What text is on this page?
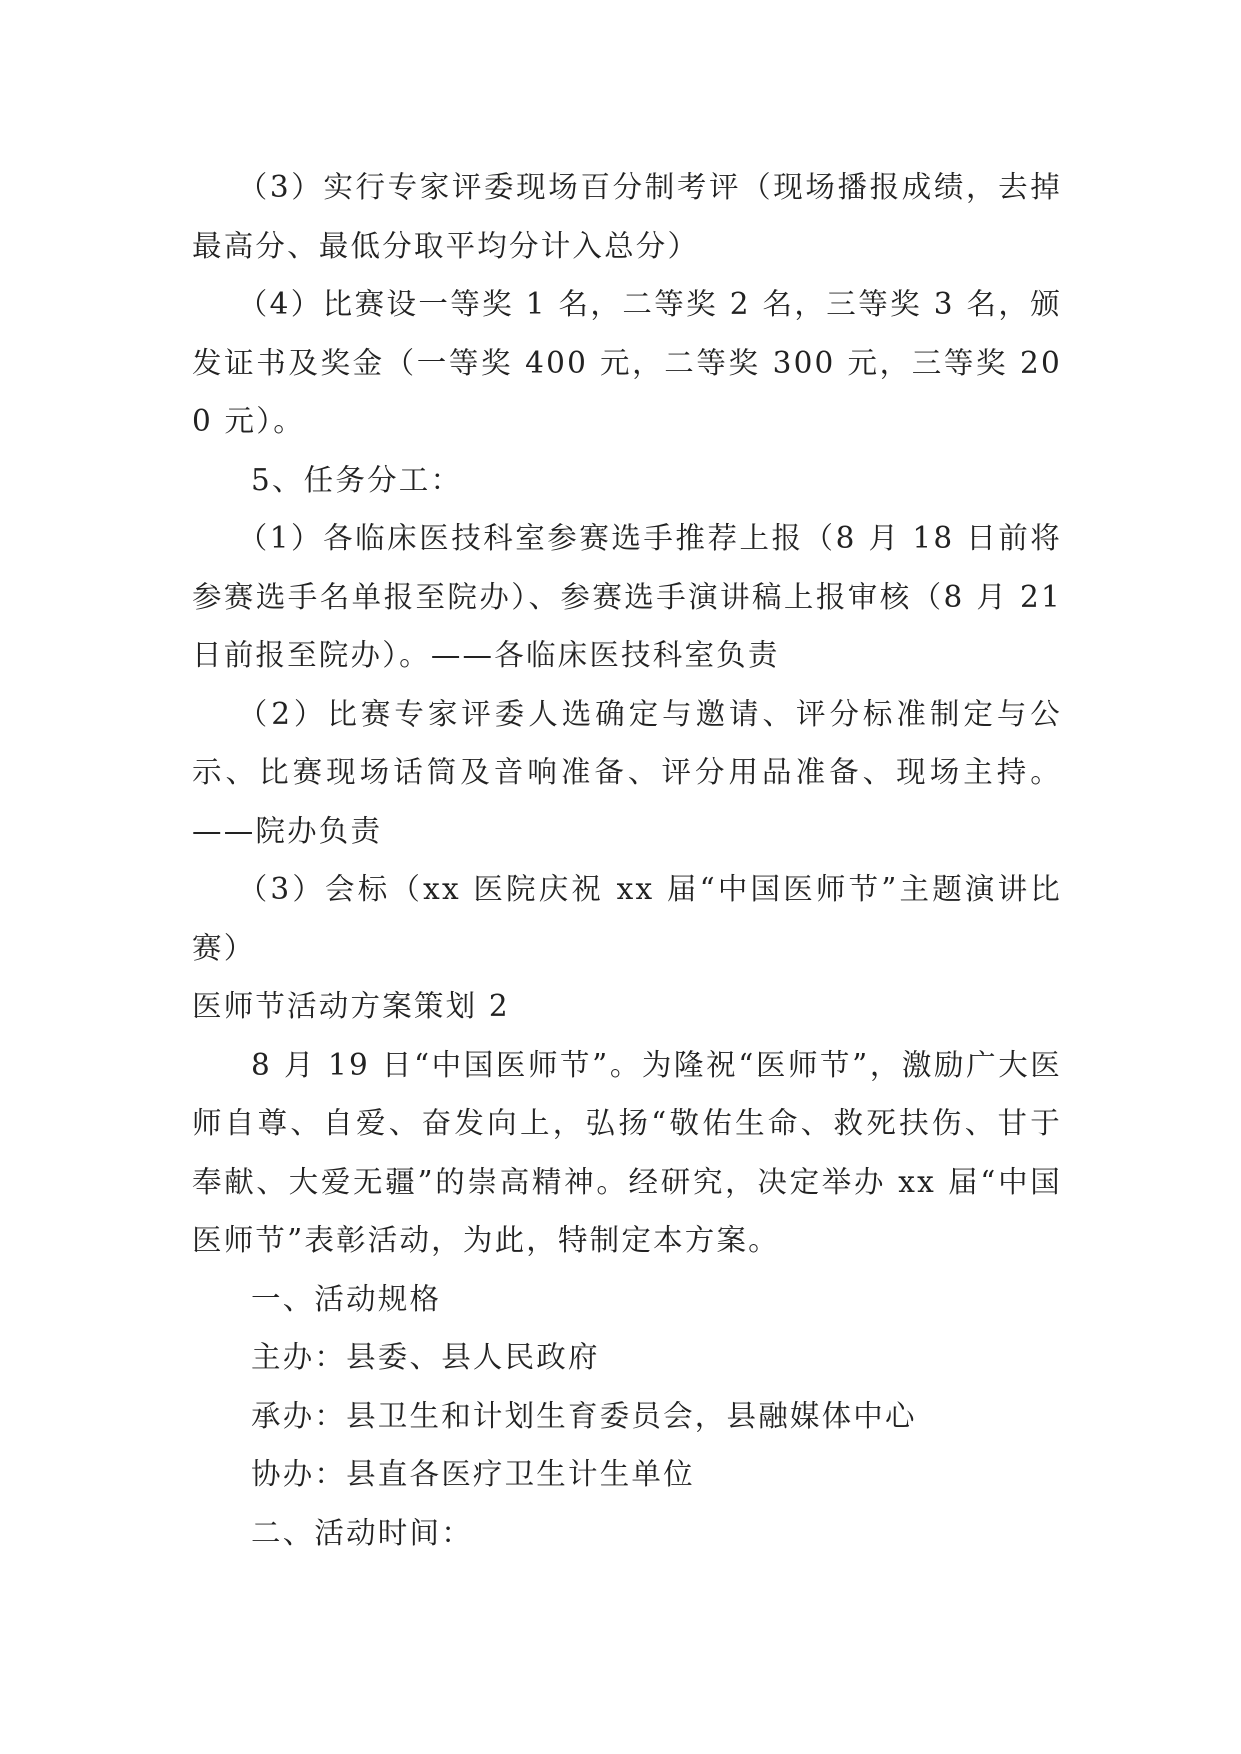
（3）实行专家评委现场百分制考评（现场播报成绩，去掉最高分、最低分取平均分计入总分）

（4）比赛设一等奖 1 名，二等奖 2 名，三等奖 3 名，颁发证书及奖金（一等奖 400 元，二等奖 300 元，三等奖 200 元）。

5、任务分工：

（1）各临床医技科室参赛选手推荐上报（8 月 18 日前将参赛选手名单报至院办）、参赛选手演讲稿上报审核（8 月 21 日前报至院办）。——各临床医技科室负责

（2）比赛专家评委人选确定与邀请、评分标准制定与公示、比赛现场话筒及音响准备、评分用品准备、现场主持。——院办负责

（3）会标（xx 医院庆祝 xx 届“中国医师节”主题演讲比赛）

医师节活动方案策划 2

8 月 19 日“中国医师节”。为隆祝“医师节”，激励广大医师自尊、自爱、奋发向上，弘扬“敬佑生命、救死扶伤、甘于奉献、大爱无疆”的崇高精神。经研究，决定举办 xx 届“中国医师节”表彰活动，为此，特制定本方案。

一、活动规格

主办：县委、县人民政府

承办：县卫生和计划生育委员会，县融媒体中心

协办：县直各医疗卫生计生单位

二、活动时间：
